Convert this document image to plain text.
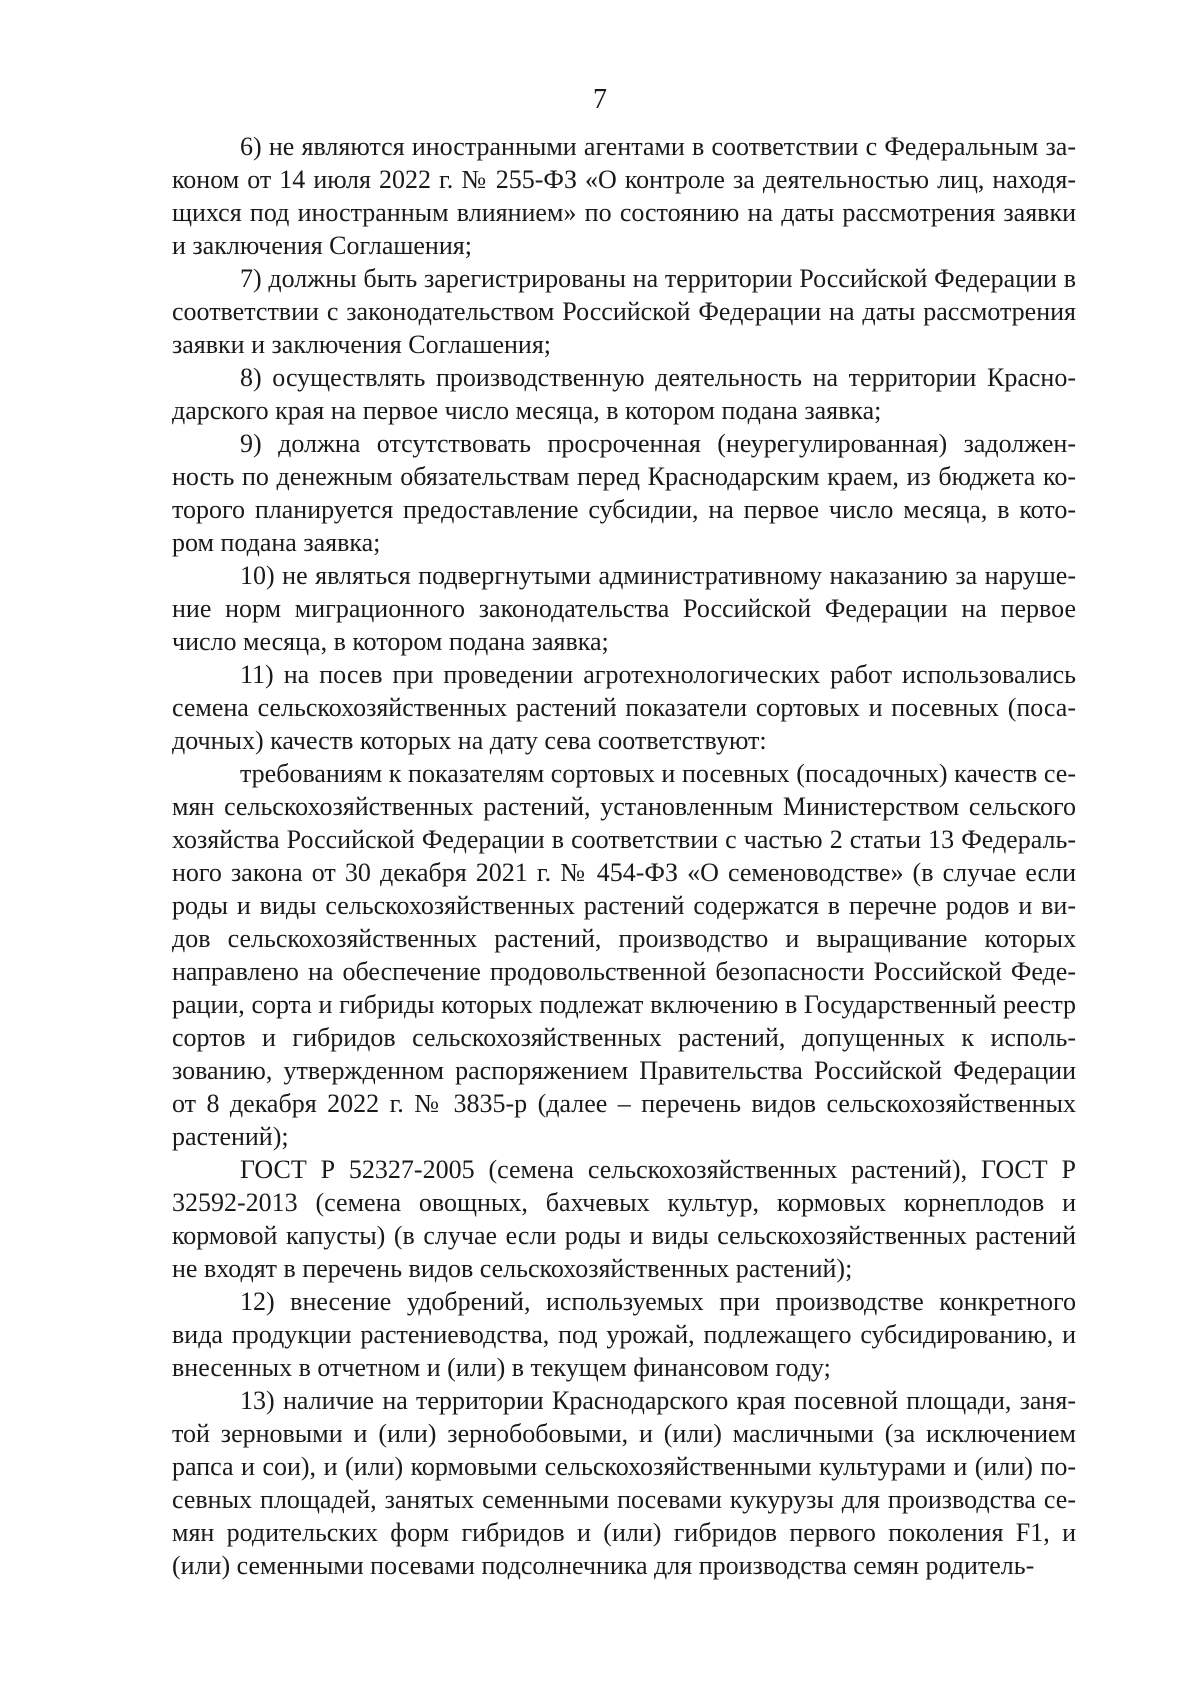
7

6) не являются иностранными агентами в соответствии с Федеральным законом от 14 июля 2022 г. № 255-ФЗ «О контроле за деятельностью лиц, находящихся под иностранным влиянием» по состоянию на даты рассмотрения заявки и заключения Соглашения;

7) должны быть зарегистрированы на территории Российской Федерации в соответствии с законодательством Российской Федерации на даты рассмотрения заявки и заключения Соглашения;

8) осуществлять производственную деятельность на территории Краснодарского края на первое число месяца, в котором подана заявка;

9) должна отсутствовать просроченная (неурегулированная) задолженность по денежным обязательствам перед Краснодарским краем, из бюджета которого планируется предоставление субсидии, на первое число месяца, в котором подана заявка;

10) не являться подвергнутыми административному наказанию за нарушение норм миграционного законодательства Российской Федерации на первое число месяца, в котором подана заявка;

11) на посев при проведении агротехнологических работ использовались семена сельскохозяйственных растений показатели сортовых и посевных (посадочных) качеств которых на дату сева соответствуют:

требованиям к показателям сортовых и посевных (посадочных) качеств семян сельскохозяйственных растений, установленным Министерством сельского хозяйства Российской Федерации в соответствии с частью 2 статьи 13 Федерального закона от 30 декабря 2021 г. № 454-ФЗ «О семеноводстве» (в случае если роды и виды сельскохозяйственных растений содержатся в перечне родов и видов сельскохозяйственных растений, производство и выращивание которых направлено на обеспечение продовольственной безопасности Российской Федерации, сорта и гибриды которых подлежат включению в Государственный реестр сортов и гибридов сельскохозяйственных растений, допущенных к использованию, утвержденном распоряжением Правительства Российской Федерации от 8 декабря 2022 г. № 3835-р (далее – перечень видов сельскохозяйственных растений);

ГОСТ Р 52327-2005 (семена сельскохозяйственных растений), ГОСТ Р 32592-2013 (семена овощных, бахчевых культур, кормовых корнеплодов и кормовой капусты) (в случае если роды и виды сельскохозяйственных растений не входят в перечень видов сельскохозяйственных растений);

12) внесение удобрений, используемых при производстве конкретного вида продукции растениеводства, под урожай, подлежащего субсидированию, и внесенных в отчетном и (или) в текущем финансовом году;

13) наличие на территории Краснодарского края посевной площади, занятой зерновыми и (или) зернобобовыми, и (или) масличными (за исключением рапса и сои), и (или) кормовыми сельскохозяйственными культурами и (или) посевных площадей, занятых семенными посевами кукурузы для производства семян родительских форм гибридов и (или) гибридов первого поколения F1, и (или) семенными посевами подсолнечника для производства семян родитель-
